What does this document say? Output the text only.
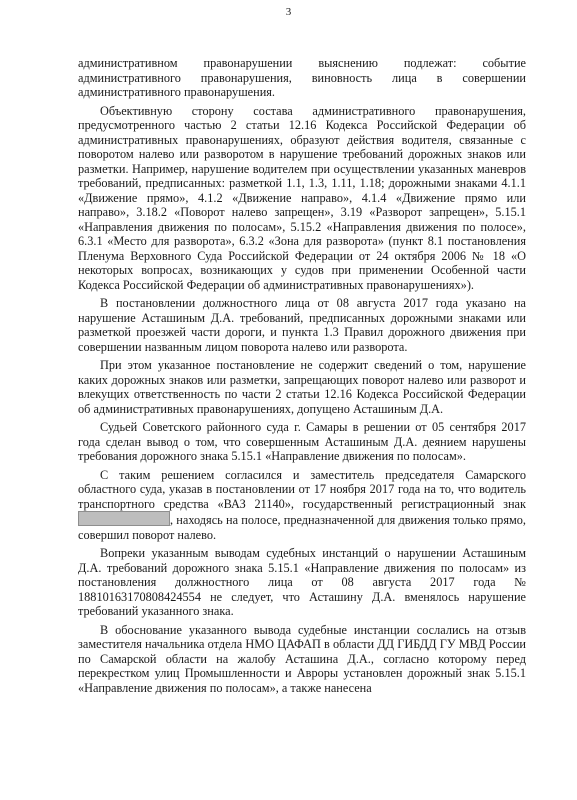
3

административном правонарушении выяснению подлежат: событие административного правонарушения, виновность лица в совершении административного правонарушения.

Объективную сторону состава административного правонарушения, предусмотренного частью 2 статьи 12.16 Кодекса Российской Федерации об административных правонарушениях, образуют действия водителя, связанные с поворотом налево или разворотом в нарушение требований дорожных знаков или разметки. Например, нарушение водителем при осуществлении указанных маневров требований, предписанных: разметкой 1.1, 1.3, 1.11, 1.18; дорожными знаками 4.1.1 «Движение прямо», 4.1.2 «Движение направо», 4.1.4 «Движение прямо или направо», 3.18.2 «Поворот налево запрещен», 3.19 «Разворот запрещен», 5.15.1 «Направления движения по полосам», 5.15.2 «Направления движения по полосе», 6.3.1 «Место для разворота», 6.3.2 «Зона для разворота» (пункт 8.1 постановления Пленума Верховного Суда Российской Федерации от 24 октября 2006 № 18 «О некоторых вопросах, возникающих у судов при применении Особенной части Кодекса Российской Федерации об административных правонарушениях»).

В постановлении должностного лица от 08 августа 2017 года указано на нарушение Асташиным Д.А. требований, предписанных дорожными знаками или разметкой проезжей части дороги, и пункта 1.3 Правил дорожного движения при совершении названным лицом поворота налево или разворота.

При этом указанное постановление не содержит сведений о том, нарушение каких дорожных знаков или разметки, запрещающих поворот налево или разворот и влекущих ответственность по части 2 статьи 12.16 Кодекса Российской Федерации об административных правонарушениях, допущено Асташиным Д.А.

Судьей Советского районного суда г. Самары в решении от 05 сентября 2017 года сделан вывод о том, что совершенным Асташиным Д.А. деянием нарушены требования дорожного знака 5.15.1 «Направление движения по полосам».

С таким решением согласился и заместитель председателя Самарского областного суда, указав в постановлении от 17 ноября 2017 года на то, что водитель транспортного средства «ВАЗ 21140», государственный регистрационный знак , находясь на полосе, предназначенной для движения только прямо, совершил поворот налево.

Вопреки указанным выводам судебных инстанций о нарушении Асташиным Д.А. требований дорожного знака 5.15.1 «Направление движения по полосам» из постановления должностного лица от 08 августа 2017 года № 18810163170808424554 не следует, что Асташину Д.А. вменялось нарушение требований указанного знака.

В обоснование указанного вывода судебные инстанции сослались на отзыв заместителя начальника отдела НМО ЦАФАП в области ДД ГИБДД ГУ МВД России по Самарской области на жалобу Асташина Д.А., согласно которому перед перекрестком улиц Промышленности и Авроры установлен дорожный знак 5.15.1 «Направление движения по полосам», а также нанесена
